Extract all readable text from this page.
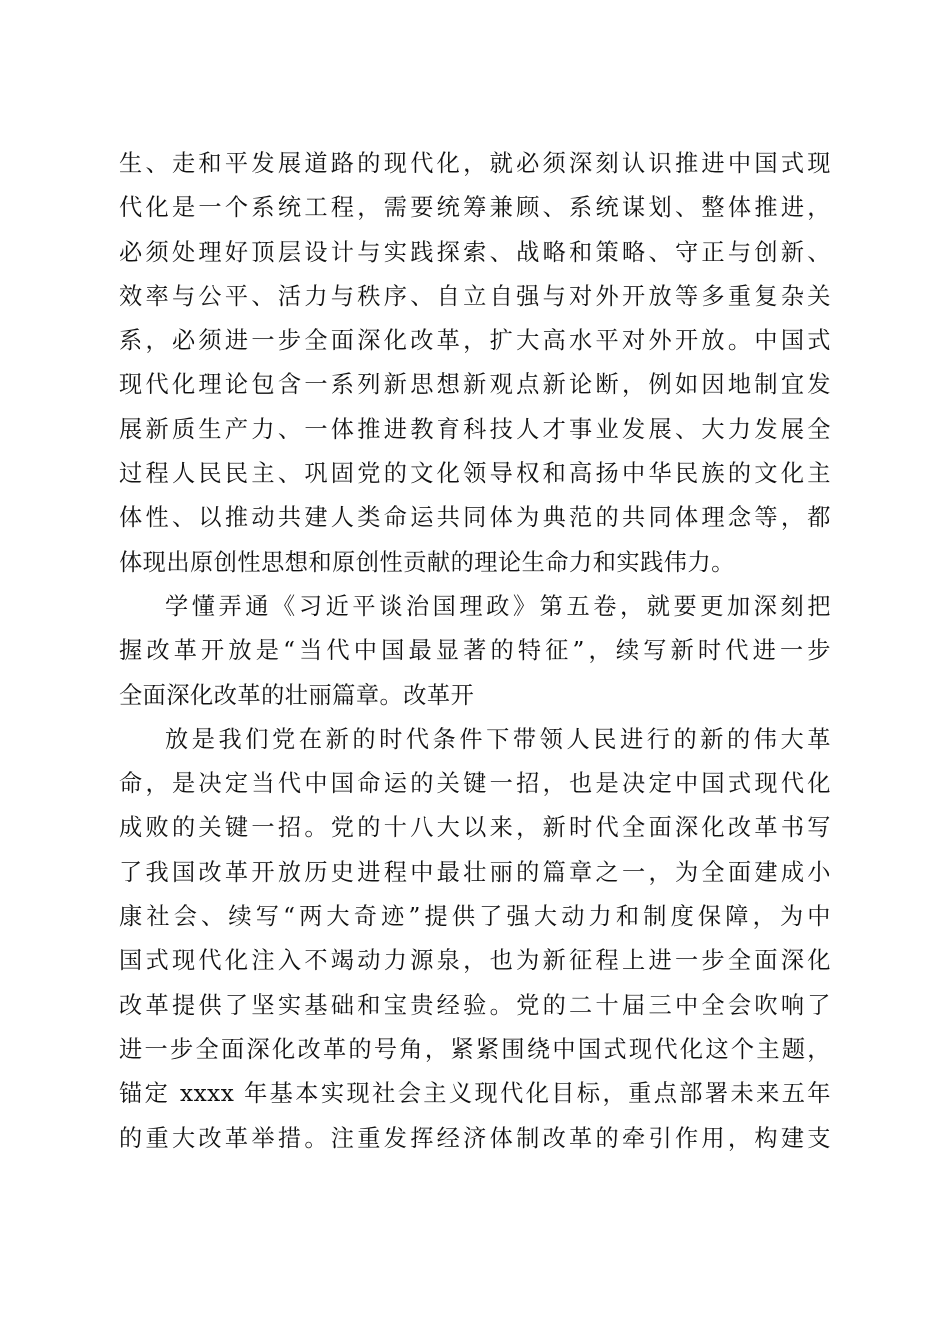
生、走和平发展道路的现代化，就必须深刻认识推进中国式现
代化是一个系统工程，需要统筹兼顾、系统谋划、整体推进，
必须处理好顶层设计与实践探索、战略和策略、守正与创新、
效率与公平、活力与秩序、自立自强与对外开放等多重复杂关
系，必须进一步全面深化改革，扩大高水平对外开放。中国式
现代化理论包含一系列新思想新观点新论断，例如因地制宜发
展新质生产力、一体推进教育科技人才事业发展、大力发展全
过程人民民主、巩固党的文化领导权和高扬中华民族的文化主
体性、以推动共建人类命运共同体为典范的共同体理念等，都
体现出原创性思想和原创性贡献的理论生命力和实践伟力。
学懂弄通《习近平谈治国理政》第五卷，就要更加深刻把
握改革开放是“当代中国最显著的特征”，续写新时代进一步
全面深化改革的壮丽篇章。改革开
放是我们党在新的时代条件下带领人民进行的新的伟大革
命，是决定当代中国命运的关键一招，也是决定中国式现代化
成败的关键一招。党的十八大以来，新时代全面深化改革书写
了我国改革开放历史进程中最壮丽的篇章之一，为全面建成小
康社会、续写“两大奇迹”提供了强大动力和制度保障，为中
国式现代化注入不竭动力源泉，也为新征程上进一步全面深化
改革提供了坚实基础和宝贵经验。党的二十届三中全会吹响了
进一步全面深化改革的号角，紧紧围绕中国式现代化这个主题，
锚定 xxxx 年基本实现社会主义现代化目标，重点部署未来五年
的重大改革举措。注重发挥经济体制改革的牵引作用，构建支
